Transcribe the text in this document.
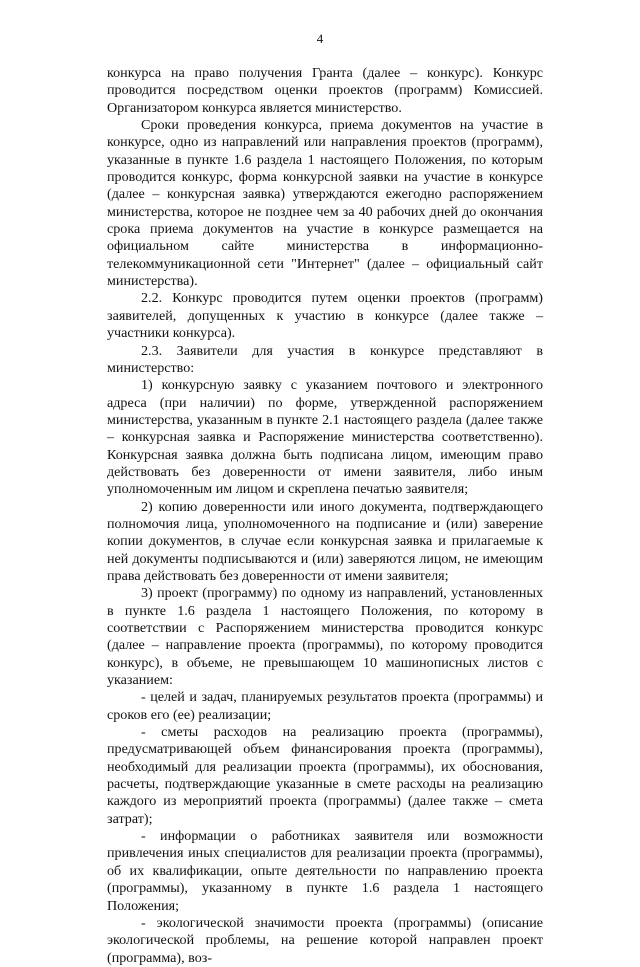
4

конкурса на право получения Гранта (далее – конкурс). Конкурс проводится посредством оценки проектов (программ) Комиссией. Организатором конкурса является министерство.

Сроки проведения конкурса, приема документов на участие в конкурсе, одно из направлений или направления проектов (программ), указанные в пункте 1.6 раздела 1 настоящего Положения, по которым проводится конкурс, форма конкурсной заявки на участие в конкурсе (далее – конкурсная заявка) утверждаются ежегодно распоряжением министерства, которое не позднее чем за 40 рабочих дней до окончания срока приема документов на участие в конкурсе размещается на официальном сайте министерства в информационно-телекоммуникационной сети "Интернет" (далее – официальный сайт министерства).

2.2. Конкурс проводится путем оценки проектов (программ) заявителей, допущенных к участию в конкурсе (далее также – участники конкурса).

2.3. Заявители для участия в конкурсе представляют в министерство:

1) конкурсную заявку с указанием почтового и электронного адреса (при наличии) по форме, утвержденной распоряжением министерства, указанным в пункте 2.1 настоящего раздела (далее также – конкурсная заявка и Распоряжение министерства соответственно). Конкурсная заявка должна быть подписана лицом, имеющим право действовать без доверенности от имени заявителя, либо иным уполномоченным им лицом и скреплена печатью заявителя;

2) копию доверенности или иного документа, подтверждающего полномочия лица, уполномоченного на подписание и (или) заверение копии документов, в случае если конкурсная заявка и прилагаемые к ней документы подписываются и (или) заверяются лицом, не имеющим права действовать без доверенности от имени заявителя;

3) проект (программу) по одному из направлений, установленных в пункте 1.6 раздела 1 настоящего Положения, по которому в соответствии с Распоряжением министерства проводится конкурс (далее – направление проекта (программы), по которому проводится конкурс), в объеме, не превышающем 10 машинописных листов с указанием:

- целей и задач, планируемых результатов проекта (программы) и сроков его (ее) реализации;

- сметы расходов на реализацию проекта (программы), предусматривающей объем финансирования проекта (программы), необходимый для реализации проекта (программы), их обоснования, расчеты, подтверждающие указанные в смете расходы на реализацию каждого из мероприятий проекта (программы) (далее также – смета затрат);

- информации о работниках заявителя или возможности привлечения иных специалистов для реализации проекта (программы), об их квалификации, опыте деятельности по направлению проекта (программы), указанному в пункте 1.6 раздела 1 настоящего Положения;

- экологической значимости проекта (программы) (описание экологической проблемы, на решение которой направлен проект (программа), воз-
